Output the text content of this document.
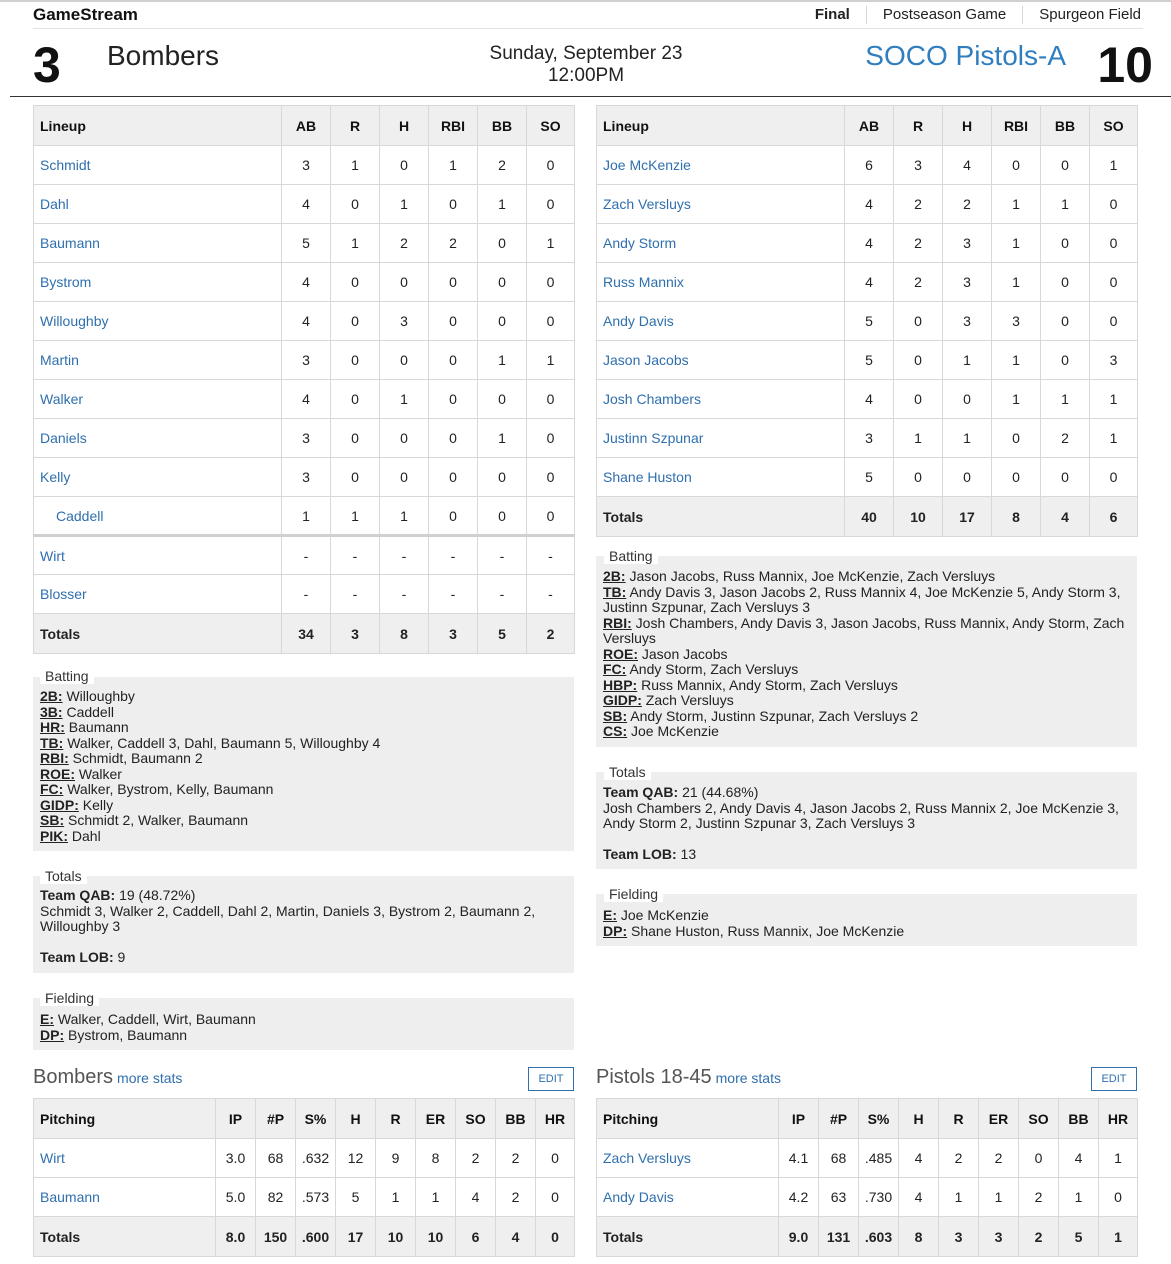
GameStream	Final	Postseason Game	Spurgeon Field
3 Bombers	Sunday, September 23
12:00PM
SOCO Pistols-A 10
Lineup	AB	R	H	RBI	BB	SO
Schmidt	3	1	0	1	2	0
Dahl	4	0	1	0	1	0
Baumann	5	1	2	2	0	1
Bystrom	4	0	0	0	0	0
Willoughby	4	0	3	0	0	0
Martin	3	0	0	0	1	1
Walker	4	0	1	0	0	0
Daniels	3	0	0	0	1	0
Kelly	3	0	0	0	0	0
Caddell	1	1	1	0	0	0
Wirt	-	-	-	-	-	-
Blosser	-	-	-	-	-	-
Totals	34	3	8	3	5	2
Lineup	AB	R	H	RBI	BB	SO
Joe McKenzie	6	3	4	0	0	1
Zach Versluys	4	2	2	1	1	0
Andy Storm	4	2	3	1	0	0
Russ Mannix	4	2	3	1	0	0
Andy Davis	5	0	3	3	0	0
Jason Jacobs	5	0	1	1	0	3
Josh Chambers	4	0	0	1	1	1
Justinn Szpunar	3	1	1	0	2	1
Shane Huston	5	0	0	0	0	0
Totals	40	10	17	8	4	6
2B: Willoughby
3B: Caddell
HR: Baumann
TB: Walker, Caddell 3, Dahl, Baumann 5, Willoughby 4
RBI: Schmidt, Baumann 2
ROE: Walker
FC: Walker, Bystrom, Kelly, Baumann
GIDP: Kelly
SB: Schmidt 2, Walker, Baumann
PIK: Dahl
Batting
Team QAB: 19 (48.72%)
Schmidt 3, Walker 2, Caddell, Dahl 2, Martin, Daniels 3, Bystrom 2, Baumann 2,
Willoughby 3
Team LOB: 9
Totals
E: Walker, Caddell, Wirt, Baumann
DP: Bystrom, Baumann
Fielding
2B: Jason Jacobs, Russ Mannix, Joe McKenzie, Zach Versluys
TB: Andy Davis 3, Jason Jacobs 2, Russ Mannix 4, Joe McKenzie 5, Andy Storm 3,
Justinn Szpunar, Zach Versluys 3
RBI: Josh Chambers, Andy Davis 3, Jason Jacobs, Russ Mannix, Andy Storm, Zach
Versluys
ROE: Jason Jacobs
FC: Andy Storm, Zach Versluys
HBP: Russ Mannix, Andy Storm, Zach Versluys
GIDP: Zach Versluys
SB: Andy Storm, Justinn Szpunar, Zach Versluys 2
CS: Joe McKenzie
Batting
Team QAB: 21 (44.68%)
Josh Chambers 2, Andy Davis 4, Jason Jacobs 2, Russ Mannix 2, Joe McKenzie 3,
Andy Storm 2, Justinn Szpunar 3, Zach Versluys 3
Team LOB: 13
Totals
E: Joe McKenzie
DP: Shane Huston, Russ Mannix, Joe McKenzie
Fielding
Bombers more stats	EDIT
Pitching	IP	#P	S%	H	R	ER	SO	BB	HR
Wirt	3.0	68	.632	12	9	8	2	2	0
Baumann	5.0	82	.573	5	1	1	4	2	0
Totals	8.0	150	.600	17	10	10	6	4	0
Pistols 18-45 more stats	EDIT
Pitching	IP	#P	S%	H	R	ER	SO	BB	HR
Zach Versluys	4.1	68	.485	4	2	2	0	4	1
Andy Davis	4.2	63	.730	4	1	1	2	1	0
Totals	9.0	131	.603	8	3	3	2	5	1
